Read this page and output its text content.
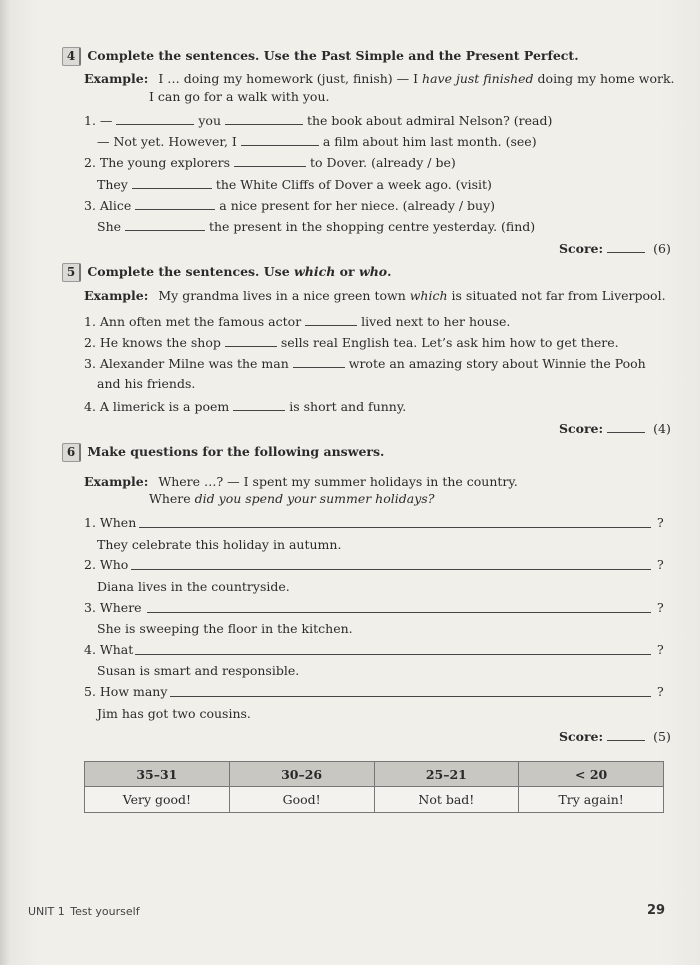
4 Complete the sentences. Use the Past Simple and the Present Perfect.
Example: I … doing my homework (just, finish) — I have just finished doing my home work.
I can go for a walk with you.
1. —	you	the book about admiral Nelson? (read)
— Not yet. However, I	a film about him last month. (see)
2. The young explorers	to Dover. (already / be)
They	the White Cliffs of Dover a week ago. (visit)
3. Alice	a nice present for her niece. (already / buy)
She	the present in the shopping centre yesterday. (find)
Score:	(6)
5 Complete the sentences. Use which or who.
Example: My grandma lives in a nice green town which is situated not far from Liverpool.
1. Ann often met the famous actor	lived next to her house.
2. He knows the shop	sells real English tea. Let’s ask him how to get there.
3. Alexander Milne was the man	wrote an amazing story about Winnie the Pooh
and his friends.
4. A limerick is a poem	is short and funny.
Score:	(4)
6 Make questions for the following answers.
Example: Where …? — I spent my summer holidays in the country.
Where did you spend your summer holidays?
1. When	?
They celebrate this holiday in autumn.
2. Who	?
Diana lives in the countryside.
3. Where	?
She is sweeping the floor in the kitchen.
4. What	?
Susan is smart and responsible.
5. How many	?
Jim has got two cousins.
Score:	(5)
35–31	30–26	25–21	< 20
Very good!	Good!	Not bad!	Try again!
UNIT 1 Test yourself	29
